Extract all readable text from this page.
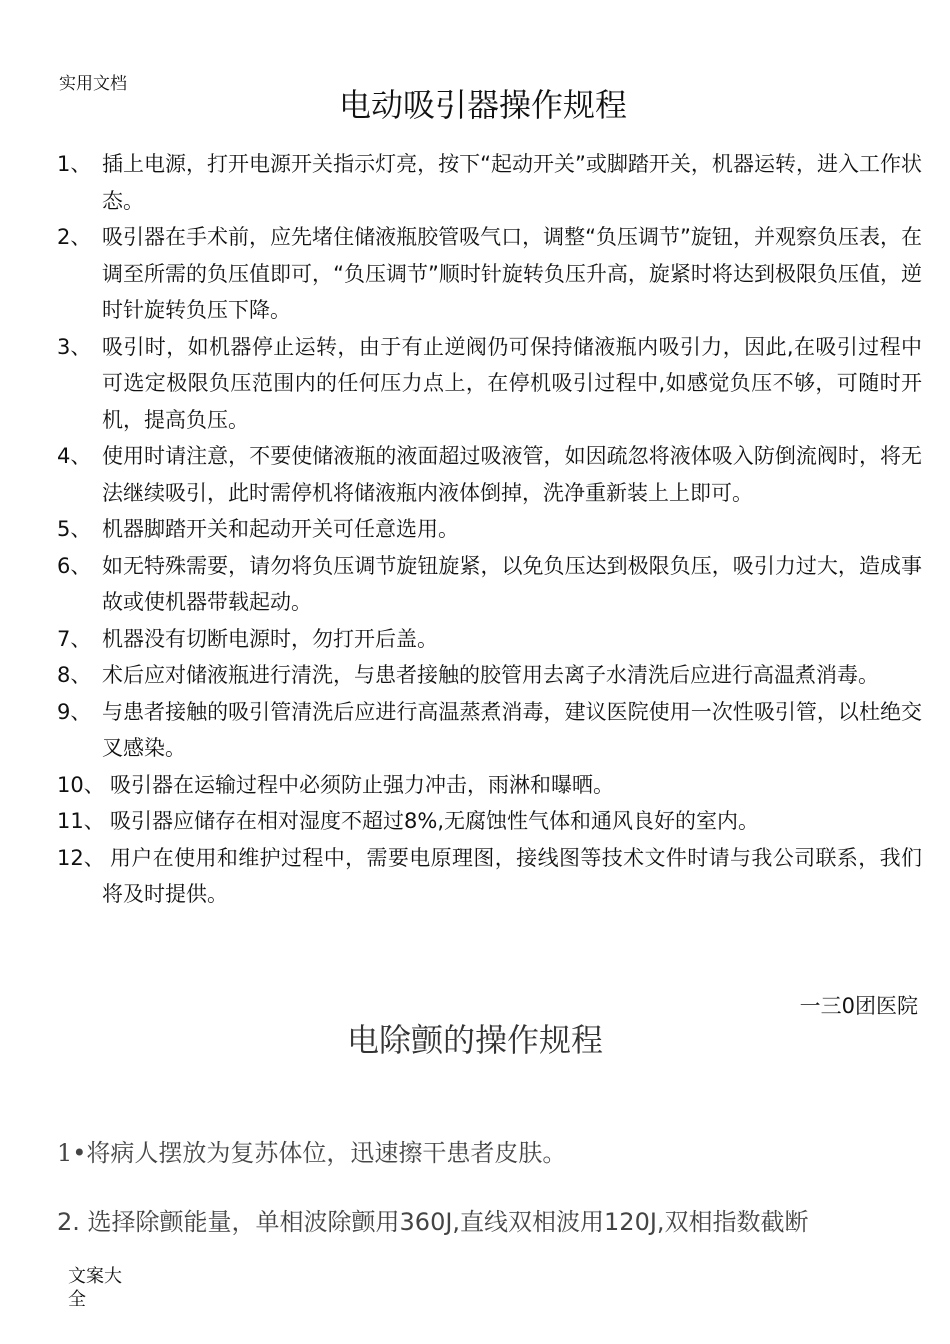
实用文档
电动吸引器操作规程
1、 插上电源，打开电源开关指示灯亮，按下“起动开关”或脚踏开关，机器运转，进入工作状态。
2、 吸引器在手术前，应先堵住储液瓶胶管吸气口，调整“负压调节”旋钮，并观察负压表，在调至所需的负压值即可，“负压调节”顺时针旋转负压升高，旋紧时将达到极限负压值，逆时针旋转负压下降。
3、 吸引时，如机器停止运转，由于有止逆阀仍可保持储液瓶内吸引力，因此,在吸引过程中可选定极限负压范围内的任何压力点上，在停机吸引过程中,如感觉负压不够，可随时开机，提高负压。
4、 使用时请注意，不要使储液瓶的液面超过吸液管，如因疏忽将液体吸入防倒流阀时，将无法继续吸引，此时需停机将储液瓶内液体倒掉，洗净重新装上上即可。
5、 机器脚踏开关和起动开关可任意选用。
6、 如无特殊需要，请勿将负压调节旋钮旋紧，以免负压达到极限负压，吸引力过大，造成事故或使机器带载起动。
7、 机器没有切断电源时，勿打开后盖。
8、 术后应对储液瓶进行清洗，与患者接触的胶管用去离子水清洗后应进行高温煮消毒。
9、 与患者接触的吸引管清洗后应进行高温蒸煮消毒，建议医院使用一次性吸引管，以杜绝交叉感染。
10、 吸引器在运输过程中必须防止强力冲击，雨淋和曝晒。
11、 吸引器应储存在相对湿度不超过8%,无腐蚀性气体和通风良好的室内。
12、 用户在使用和维护过程中，需要电原理图，接线图等技术文件时请与我公司联系，我们将及时提供。
一三0团医院
电除颤的操作规程

1•将病人摆放为复苏体位，迅速擦干患者皮肤。

2. 选择除颤能量，单相波除颤用360J,直线双相波用120J,双相指数截断

文案大全
